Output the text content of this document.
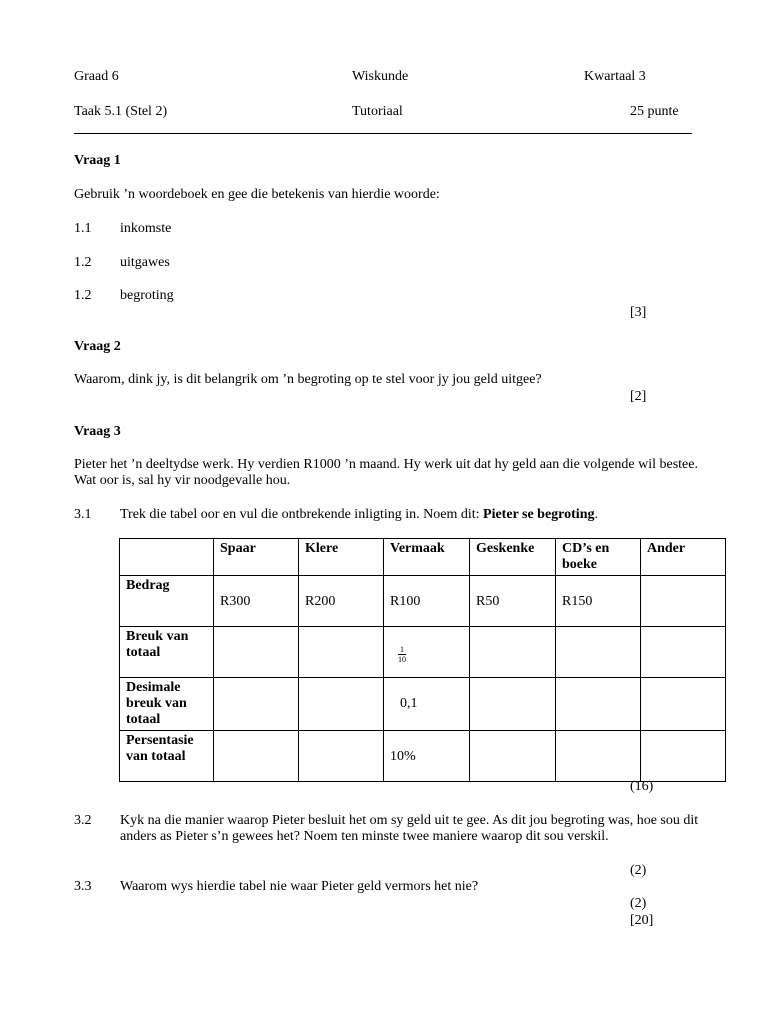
Graad 6	Wiskunde	Kwartaal 3
Taak 5.1 (Stel 2)	Tutoriaal	25 punte
Vraag 1
Gebruik ’n woordeboek en gee die betekenis van hierdie woorde:
1.1 inkomste
1.2 uitgawes
1.2 begroting
[3]
Vraag 2
Waarom, dink jy, is dit belangrik om ’n begroting op te stel voor jy jou geld uitgee?
[2]
Vraag 3
Pieter het ’n deeltydse werk. Hy verdien R1000 ’n maand. Hy werk uit dat hy geld aan die volgende wil bestee. Wat oor is, sal hy vir noodgevalle hou.
3.1 Trek die tabel oor en vul die ontbrekende inligting in. Noem dit: Pieter se begroting.
	Spaar	Klere	Vermaak	Geskenke	CD’s en boeke	Ander
Bedrag	R300	R200	R100	R50	R150	
Breuk van totaal			$\frac{1}{10}$

Desimale breuk van totaal			0,1			
Persentasie van totaal			10%			
(16)
3.2 Kyk na die manier waarop Pieter besluit het om sy geld uit te gee. As dit jou begroting was, hoe sou dit anders as Pieter s’n gewees het? Noem ten minste twee maniere waarop dit sou verskil.
(2)
3.3 Waarom wys hierdie tabel nie waar Pieter geld vermors het nie?
(2)
[20]
